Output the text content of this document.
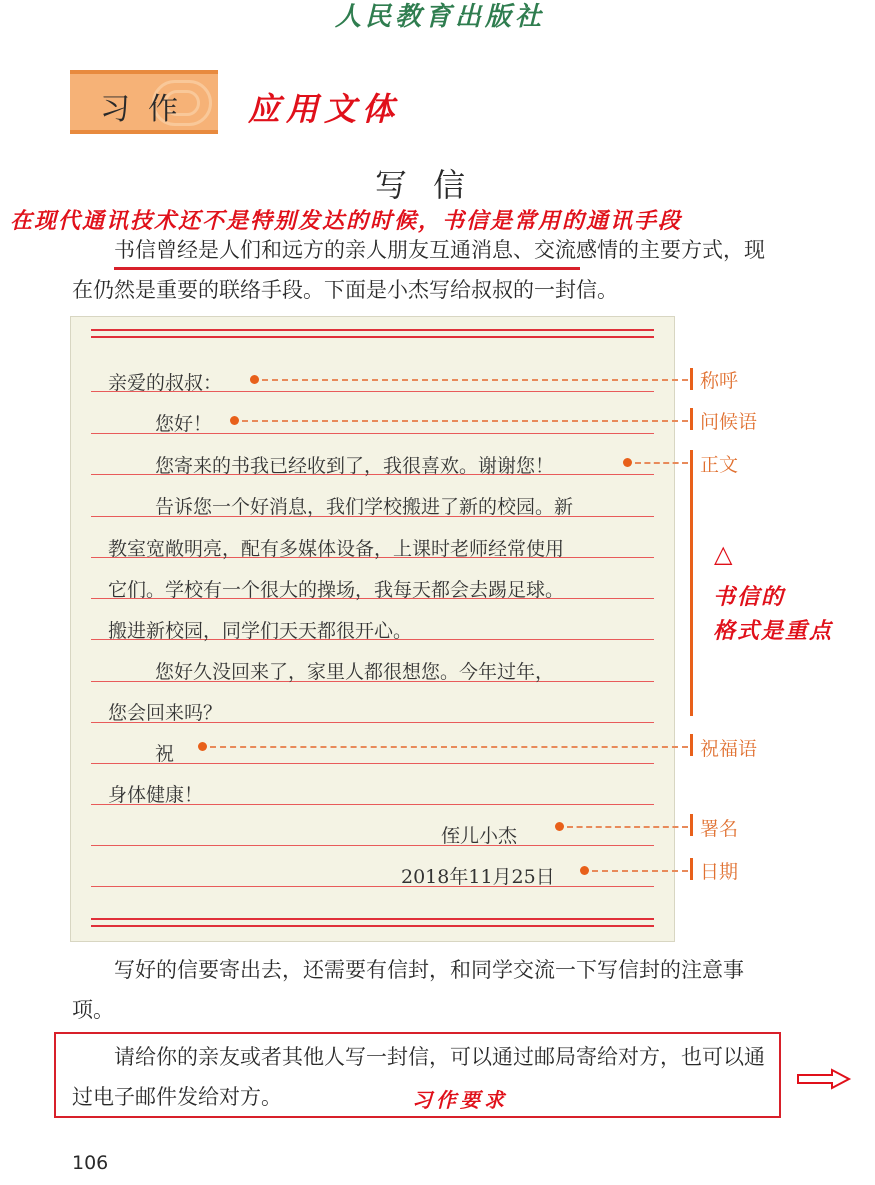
人民教育出版社
习作 应用文体
写信
在现代通讯技术还不是特别发达的时候，书信是常用的通讯手段

书信曾经是人们和远方的亲人朋友互通消息、交流感情的主要方式，现在仍然是重要的联络手段。下面是小杰写给叔叔的一封信。

亲爱的叔叔：
您好！
您寄来的书我已经收到了，我很喜欢。谢谢您！
告诉您一个好消息，我们学校搬进了新的校园。新
教室宽敞明亮，配有多媒体设备，上课时老师经常使用
它们。学校有一个很大的操场，我每天都会去踢足球。
搬进新校园，同学们天天都很开心。
您好久没回来了，家里人都很想您。今年过年，
您会回来吗？
祝
身体健康！
侄儿小杰
2018年11月25日
称呼
问候语
正文
祝福语
署名
日期
△
书信的
格式是重点

写好的信要寄出去，还需要有信封，和同学交流一下写信封的注意事项。

请给你的亲友或者其他人写一封信，可以通过邮局寄给对方，也可以通过电子邮件发给对方。	习作要求
106
